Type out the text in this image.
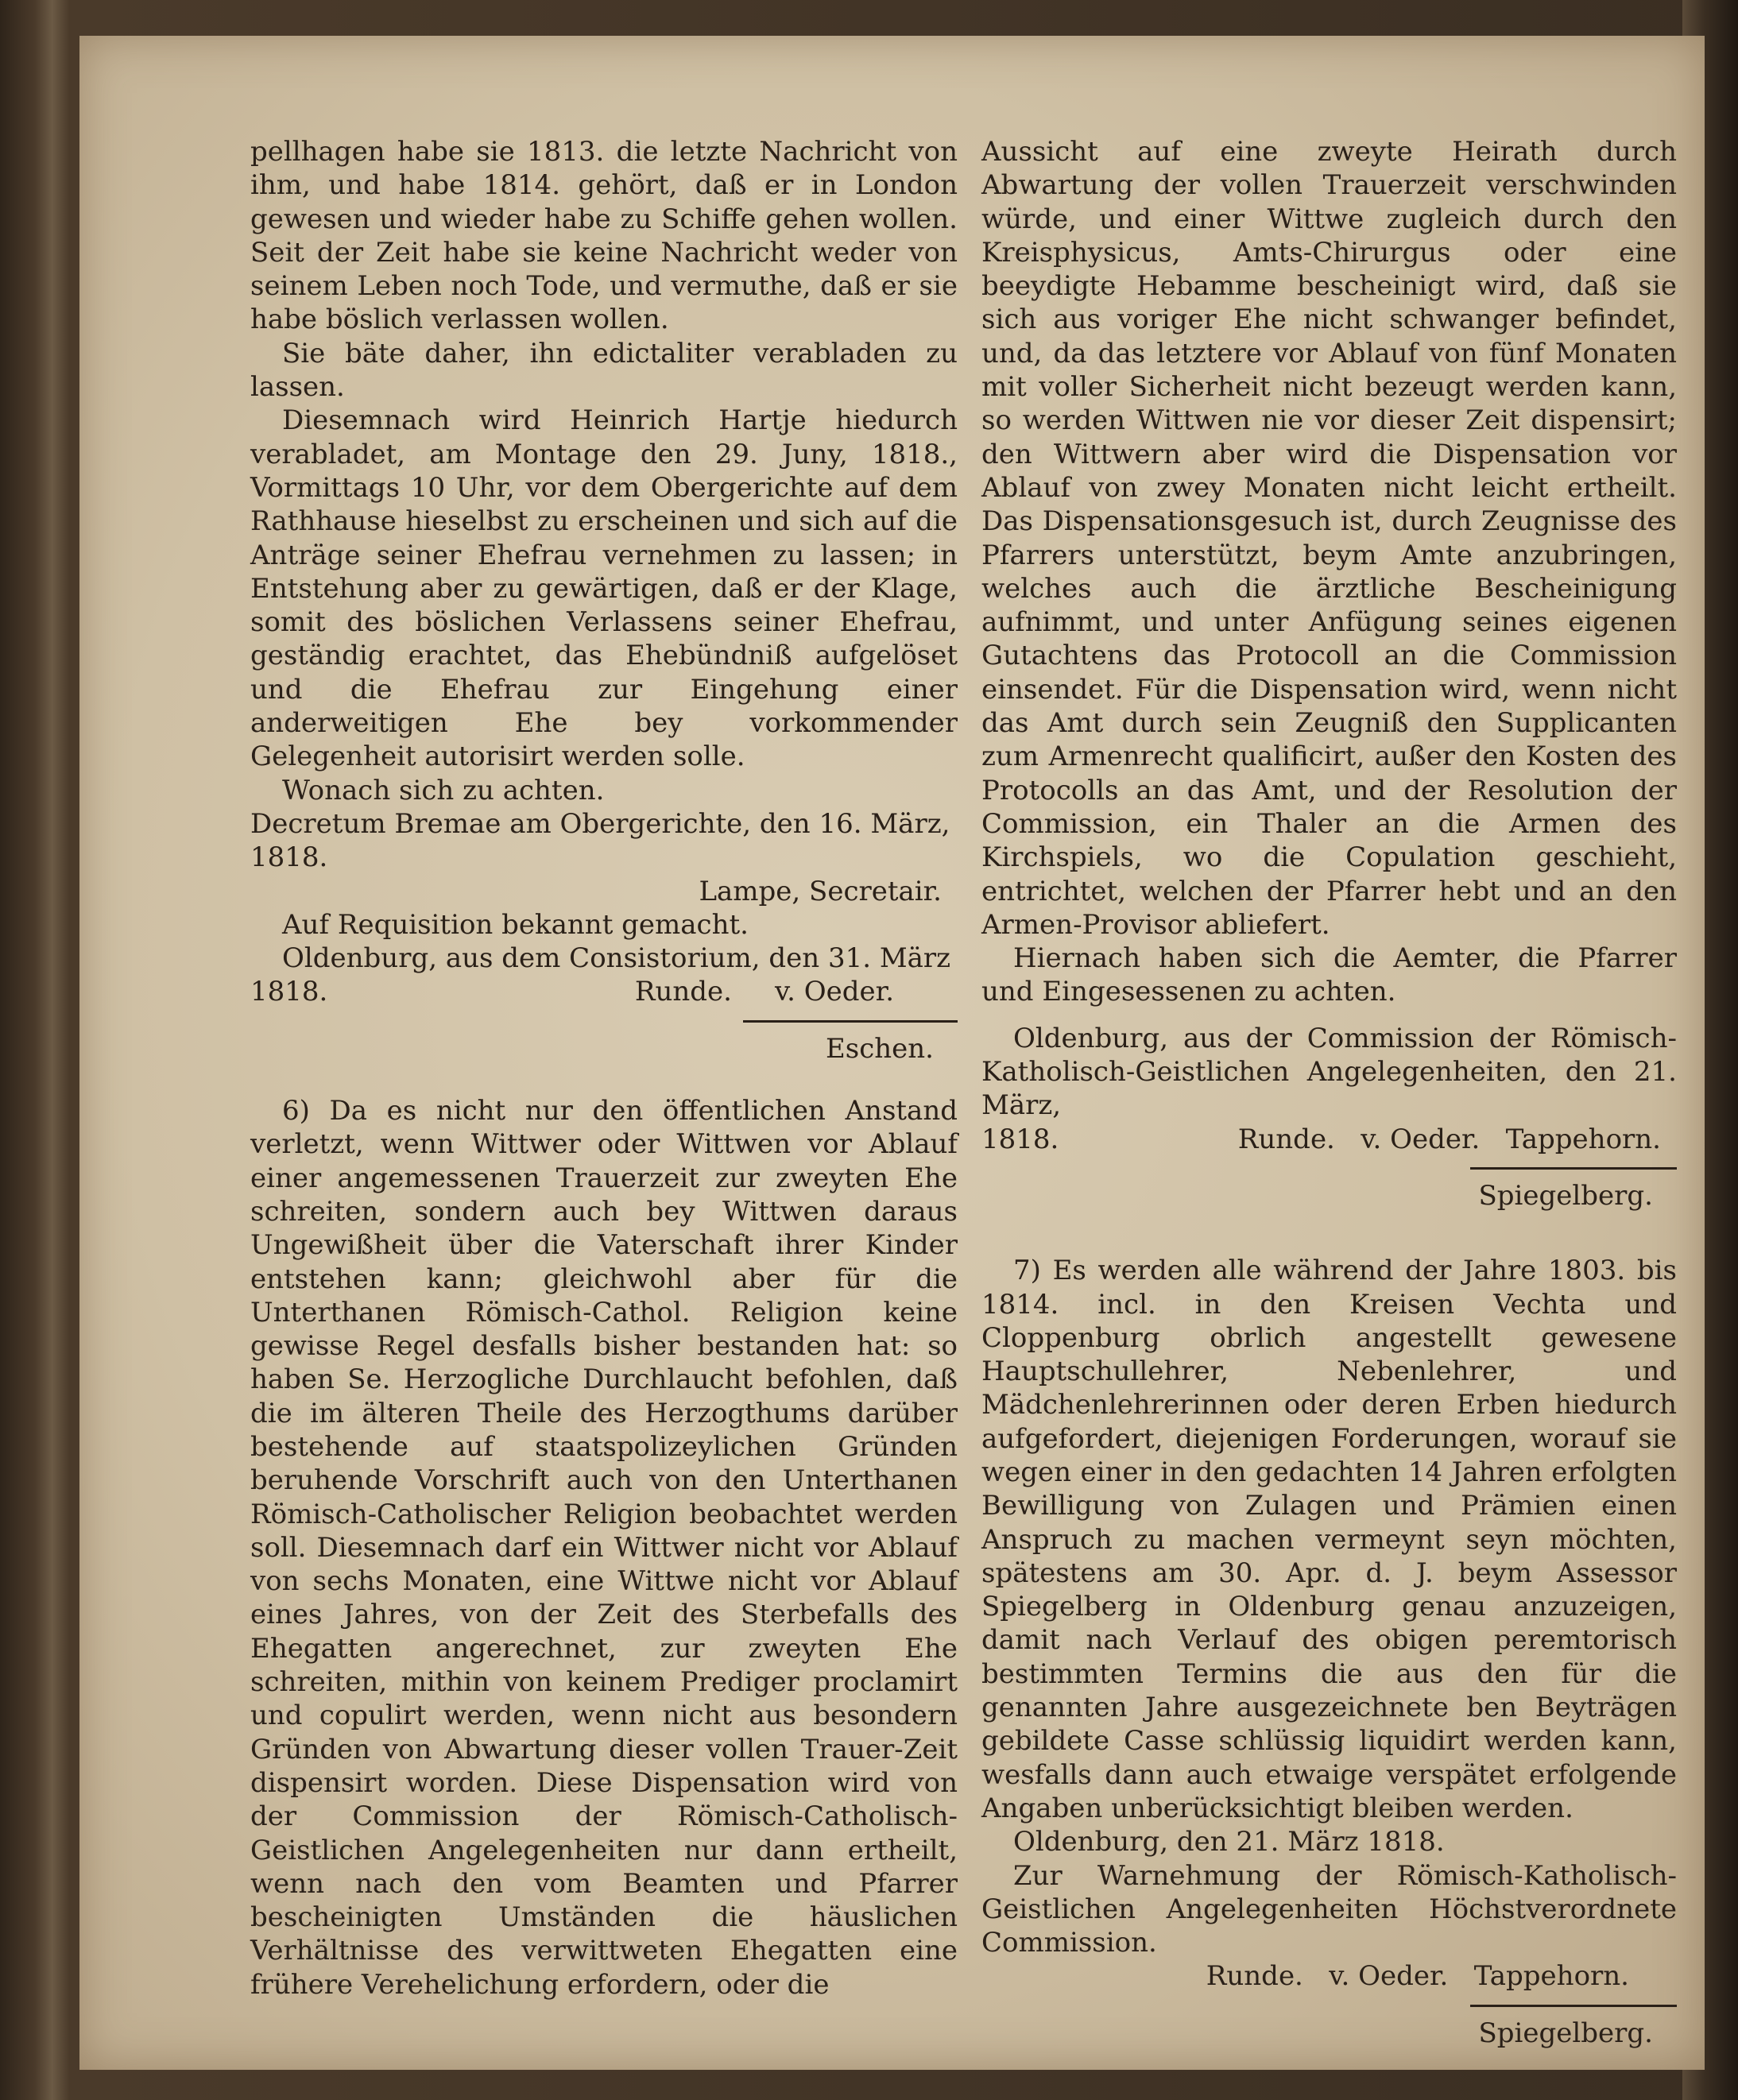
pellhagen habe sie 1813. die letzte Nachricht von ihm, und habe 1814. gehört, daß er in London gewesen und wieder habe zu Schiffe gehen wollen. Seit der Zeit habe sie keine Nachricht weder von seinem Leben noch Tode, und vermuthe, daß er sie habe böslich verlassen wollen.

Sie bäte daher, ihn edictaliter verabladen zu lassen.

Diesemnach wird Heinrich Hartje hiedurch verabladet, am Montage den 29. Juny, 1818., Vormittags 10 Uhr, vor dem Obergerichte auf dem Rathhause hieselbst zu erscheinen und sich auf die Anträge seiner Ehefrau vernehmen zu lassen; in Entstehung aber zu gewärtigen, daß er der Klage, somit des böslichen Verlassens seiner Ehefrau, geständig erachtet, das Ehebündniß aufgelöset und die Ehefrau zur Eingehung einer anderweitigen Ehe bey vorkommender Gelegenheit autorisirt werden solle.

Wonach sich zu achten.

Decretum Bremae am Obergerichte, den 16. März, 1818.

Lampe, Secretair.

Auf Requisition bekannt gemacht.

Oldenburg, aus dem Consistorium, den 31. März

1818.	Runde.     v. Oeder.

Eschen.

6) Da es nicht nur den öffentlichen Anstand verletzt, wenn Wittwer oder Wittwen vor Ablauf einer angemessenen Trauerzeit zur zweyten Ehe schreiten, sondern auch bey Wittwen daraus Ungewißheit über die Vaterschaft ihrer Kinder entstehen kann; gleichwohl aber für die Unterthanen Römisch-Cathol. Religion keine gewisse Regel desfalls bisher bestanden hat: so haben Se. Herzogliche Durchlaucht befohlen, daß die im älteren Theile des Herzogthums darüber bestehende auf staatspolizeylichen Gründen beruhende Vorschrift auch von den Unterthanen Römisch-Catholischer Religion beobachtet werden soll. Diesemnach darf ein Wittwer nicht vor Ablauf von sechs Monaten, eine Wittwe nicht vor Ablauf eines Jahres, von der Zeit des Sterbefalls des Ehegatten angerechnet, zur zweyten Ehe schreiten, mithin von keinem Prediger proclamirt und copulirt werden, wenn nicht aus besondern Gründen von Abwartung dieser vollen Trauer-Zeit dispensirt worden. Diese Dispensation wird von der Commission der Römisch-Catholisch-Geistlichen Angelegenheiten nur dann ertheilt, wenn nach den vom Beamten und Pfarrer bescheinigten Umständen die häuslichen Verhältnisse des verwittweten Ehegatten eine frühere Verehelichung erfordern, oder die

Aussicht auf eine zweyte Heirath durch Abwartung der vollen Trauerzeit verschwinden würde, und einer Wittwe zugleich durch den Kreisphysicus, Amts-Chirurgus oder eine beeydigte Hebamme bescheinigt wird, daß sie sich aus voriger Ehe nicht schwanger befindet, und, da das letztere vor Ablauf von fünf Monaten mit voller Sicherheit nicht bezeugt werden kann, so werden Wittwen nie vor dieser Zeit dispensirt; den Wittwern aber wird die Dispensation vor Ablauf von zwey Monaten nicht leicht ertheilt. Das Dispensationsgesuch ist, durch Zeugnisse des Pfarrers unterstützt, beym Amte anzubringen, welches auch die ärztliche Bescheinigung aufnimmt, und unter Anfügung seines eigenen Gutachtens das Protocoll an die Commission einsendet. Für die Dispensation wird, wenn nicht das Amt durch sein Zeugniß den Supplicanten zum Armenrecht qualificirt, außer den Kosten des Protocolls an das Amt, und der Resolution der Commission, ein Thaler an die Armen des Kirchspiels, wo die Copulation geschieht, entrichtet, welchen der Pfarrer hebt und an den Armen-Provisor abliefert.

Hiernach haben sich die Aemter, die Pfarrer und Eingesessenen zu achten.

Oldenburg, aus der Commission der Römisch-Katholisch-Geistlichen Angelegenheiten, den 21. März,

1818.	Runde.   v. Oeder.   Tappehorn.

Spiegelberg.

7) Es werden alle während der Jahre 1803. bis 1814. incl. in den Kreisen Vechta und Cloppenburg obrlich angestellt gewesene Hauptschullehrer, Nebenlehrer, und Mädchenlehrerinnen oder deren Erben hiedurch aufgefordert, diejenigen Forderungen, worauf sie wegen einer in den gedachten 14 Jahren erfolgten Bewilligung von Zulagen und Prämien einen Anspruch zu machen vermeynt seyn möchten, spätestens am 30. Apr. d. J. beym Assessor Spiegelberg in Oldenburg genau anzuzeigen, damit nach Verlauf des obigen peremtorisch bestimmten Termins die aus den für die genannten Jahre ausgezeichnete ben Beyträgen gebildete Casse schlüssig liquidirt werden kann, wesfalls dann auch etwaige verspätet erfolgende Angaben unberücksichtigt bleiben werden.

Oldenburg, den 21. März 1818.

Zur Warnehmung der Römisch-Katholisch-Geistlichen Angelegenheiten Höchstverordnete Commission.

Runde.   v. Oeder.   Tappehorn.

Spiegelberg.
